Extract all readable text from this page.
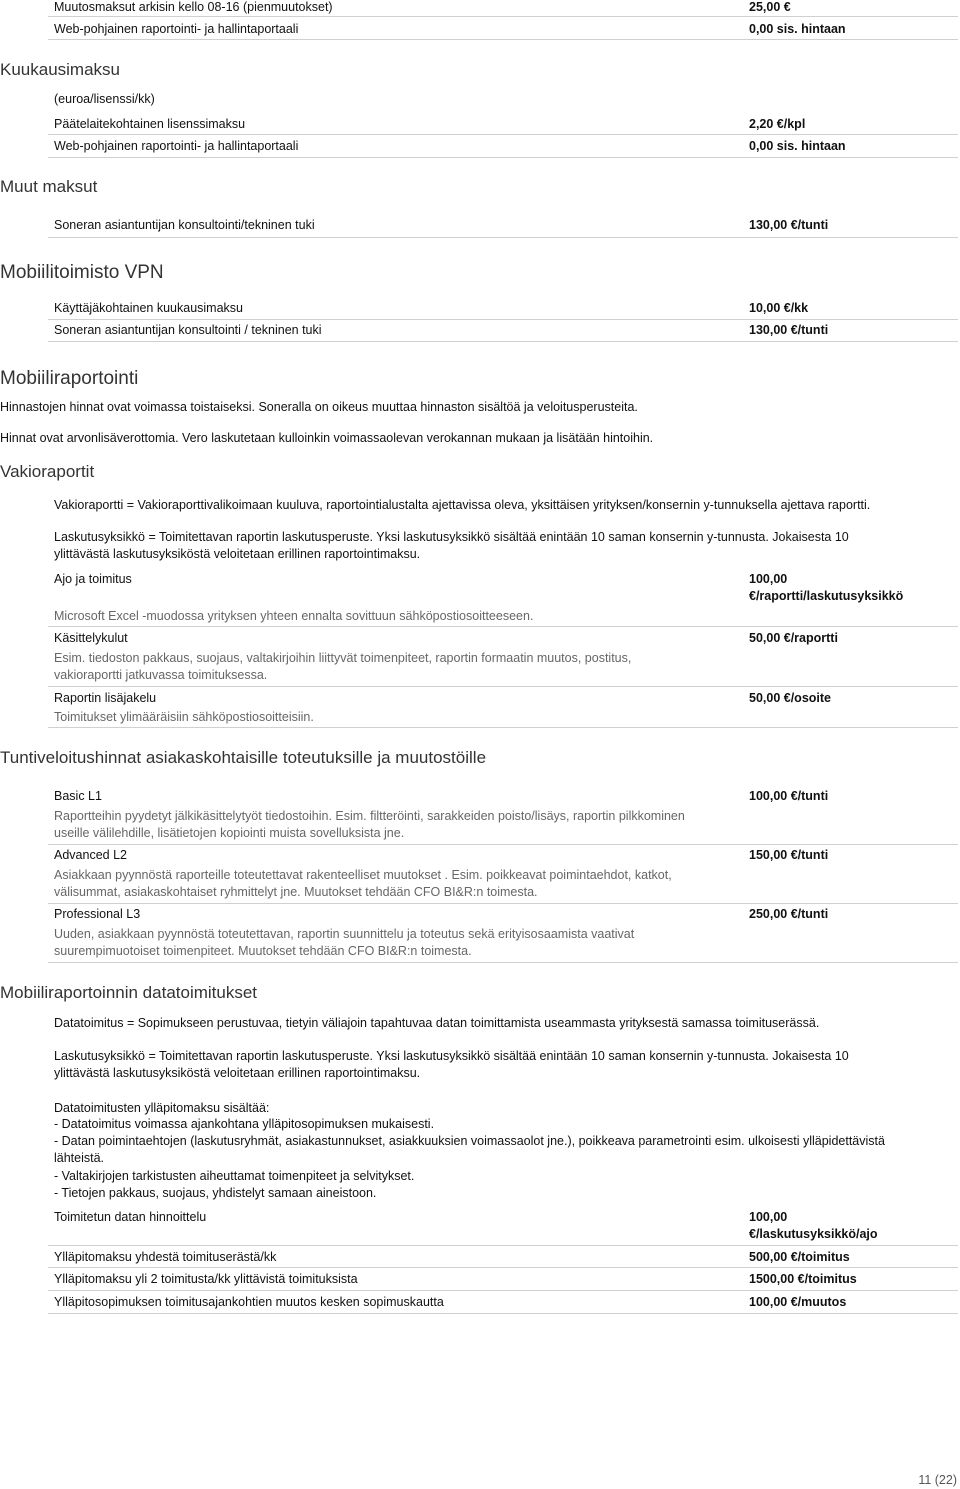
Muutosmaksut arkisin kello 08-16 (pienmuutokset)	25,00 €
Web-pohjainen raportointi- ja hallintaportaali	0,00 sis. hintaan
Kuukausimaksu
(euroa/lisenssi/kk)
Päätelaitekohtainen lisenssimaksu	2,20 €/kpl
Web-pohjainen raportointi- ja hallintaportaali	0,00 sis. hintaan
Muut maksut
Soneran asiantuntijan konsultointi/tekninen tuki	130,00 €/tunti
Mobiilitoimisto VPN
Käyttäjäkohtainen kuukausimaksu	10,00 €/kk
Soneran asiantuntijan konsultointi / tekninen tuki	130,00 €/tunti
Mobiiliraportointi
Hinnastojen hinnat ovat voimassa toistaiseksi. Soneralla on oikeus muuttaa hinnaston sisältöä ja veloitusperusteita.
Hinnat ovat arvonlisäverottomia. Vero laskutetaan kulloinkin voimassaolevan verokannan mukaan ja lisätään hintoihin.
Vakioraportit
Vakioraportti = Vakioraporttivalikoimaan kuuluva, raportointialustalta ajettavissa oleva, yksittäisen yrityksen/konsernin y-tunnuksella ajettava raportti.
Laskutusyksikkö = Toimitettavan raportin laskutusperuste. Yksi laskutusyksikkö sisältää enintään 10 saman konsernin y-tunnusta. Jokaisesta 10
ylittävästä laskutusyksiköstä veloitetaan erillinen raportointimaksu.
Ajo ja toimitus	100,00
€/raportti/laskutusyksikkö
Microsoft Excel -muodossa yrityksen yhteen ennalta sovittuun sähköpostiosoitteeseen.
Käsittelykulut	50,00 €/raportti
Esim. tiedoston pakkaus, suojaus, valtakirjoihin liittyvät toimenpiteet, raportin formaatin muutos, postitus,
vakioraportti jatkuvassa toimituksessa.
Raportin lisäjakelu	50,00 €/osoite
Toimitukset ylimääräisiin sähköpostiosoitteisiin.
Tuntiveloitushinnat asiakaskohtaisille toteutuksille ja muutostöille
Basic L1	100,00 €/tunti
Raportteihin pyydetyt jälkikäsittelytyöt tiedostoihin. Esim. filtteröinti, sarakkeiden poisto/lisäys, raportin pilkkominen
useille välilehdille, lisätietojen kopiointi muista sovelluksista jne.
Advanced L2	150,00 €/tunti
Asiakkaan pyynnöstä raporteille toteutettavat rakenteelliset muutokset . Esim. poikkeavat poimintaehdot, katkot,
välisummat, asiakaskohtaiset ryhmittelyt jne. Muutokset tehdään CFO BI&R:n toimesta.
Professional L3	250,00 €/tunti
Uuden, asiakkaan pyynnöstä toteutettavan, raportin suunnittelu ja toteutus sekä erityisosaamista vaativat
suurempimuotoiset toimenpiteet. Muutokset tehdään CFO BI&R:n toimesta.
Mobiiliraportoinnin datatoimitukset
Datatoimitus = Sopimukseen perustuvaa, tietyin väliajoin tapahtuvaa datan toimittamista useammasta yrityksestä samassa toimituserässä.
Laskutusyksikkö = Toimitettavan raportin laskutusperuste. Yksi laskutusyksikkö sisältää enintään 10 saman konsernin y-tunnusta. Jokaisesta 10
ylittävästä laskutusyksiköstä veloitetaan erillinen raportointimaksu.
Datatoimitusten ylläpitomaksu sisältää:
- Datatoimitus voimassa ajankohtana ylläpitosopimuksen mukaisesti.
- Datan poimintaehtojen (laskutusryhmät, asiakastunnukset, asiakkuuksien voimassaolot jne.), poikkeava parametrointi esim. ulkoisesti ylläpidettävistä
lähteistä.
- Valtakirjojen tarkistusten aiheuttamat toimenpiteet ja selvitykset.
- Tietojen pakkaus, suojaus, yhdistelyt samaan aineistoon.
Toimitetun datan hinnoittelu	100,00
€/laskutusyksikkö/ajo
Ylläpitomaksu yhdestä toimituserästä/kk	500,00 €/toimitus
Ylläpitomaksu yli 2 toimitusta/kk ylittävistä toimituksista	1500,00 €/toimitus
Ylläpitosopimuksen toimitusajankohtien muutos kesken sopimuskautta	100,00 €/muutos
11 (22)
